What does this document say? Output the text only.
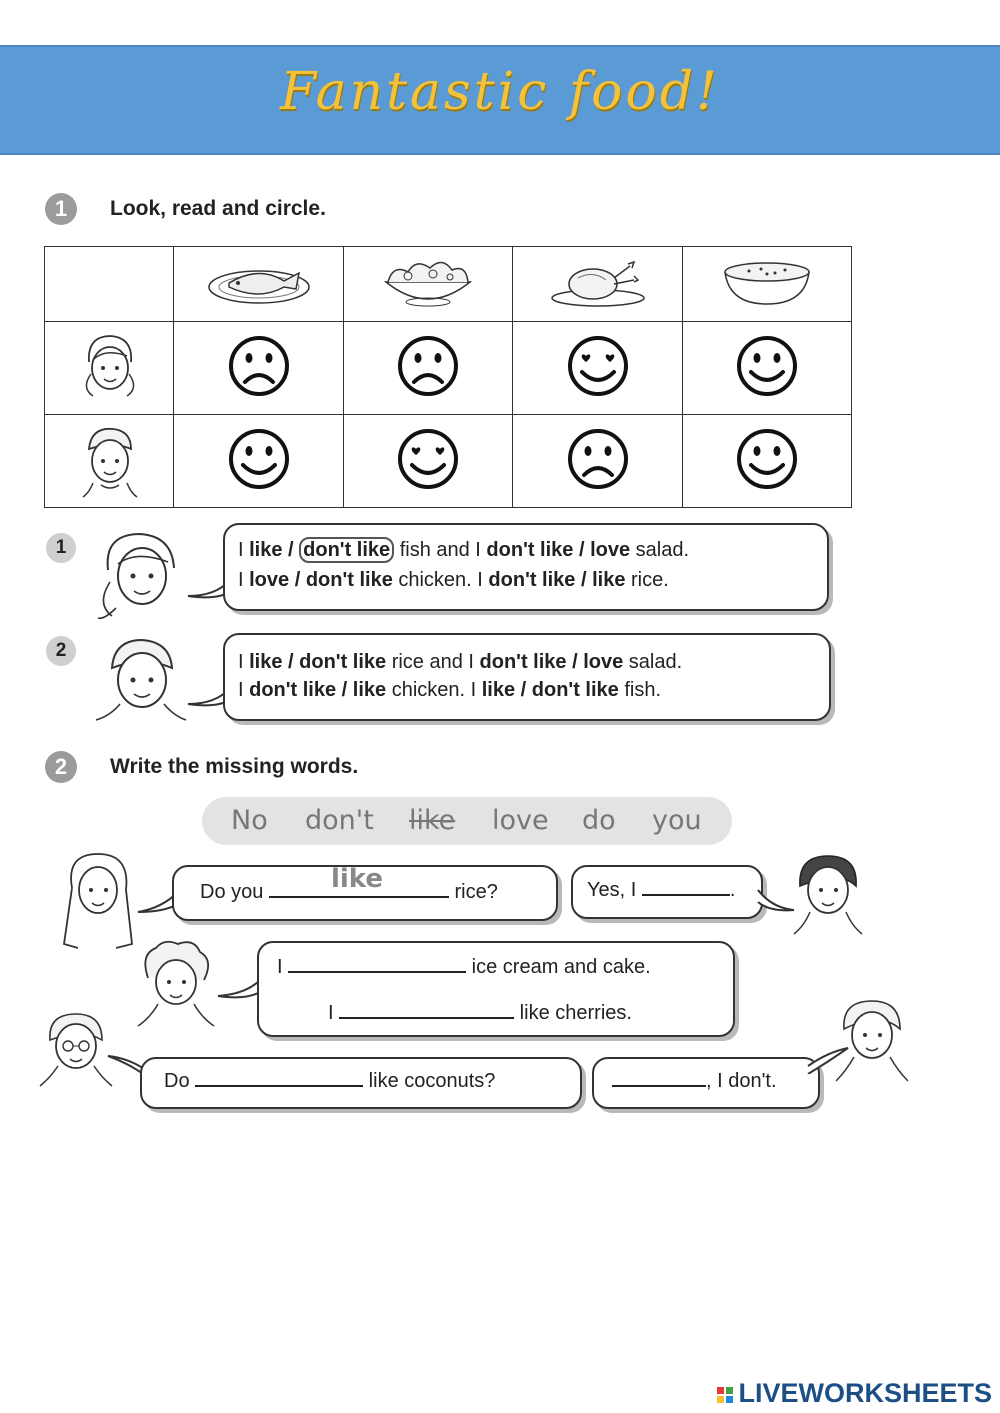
Fantastic food!
1	Look, read and circle.

1	I like / don't like fish and I don't like / love salad.
I love / don't like chicken. I don't like / like rice.
2
I like / don't like rice and I don't like / love salad.
I don't like / like chicken. I like / don't like fish.
2	Write the missing words.
No don't like love do you
Do you like	rice?	Yes, I	.
I	ice cream and cake.
I	like cherries.
Do	like coconuts?	, I don't.
LIVEWORKSHEETS
